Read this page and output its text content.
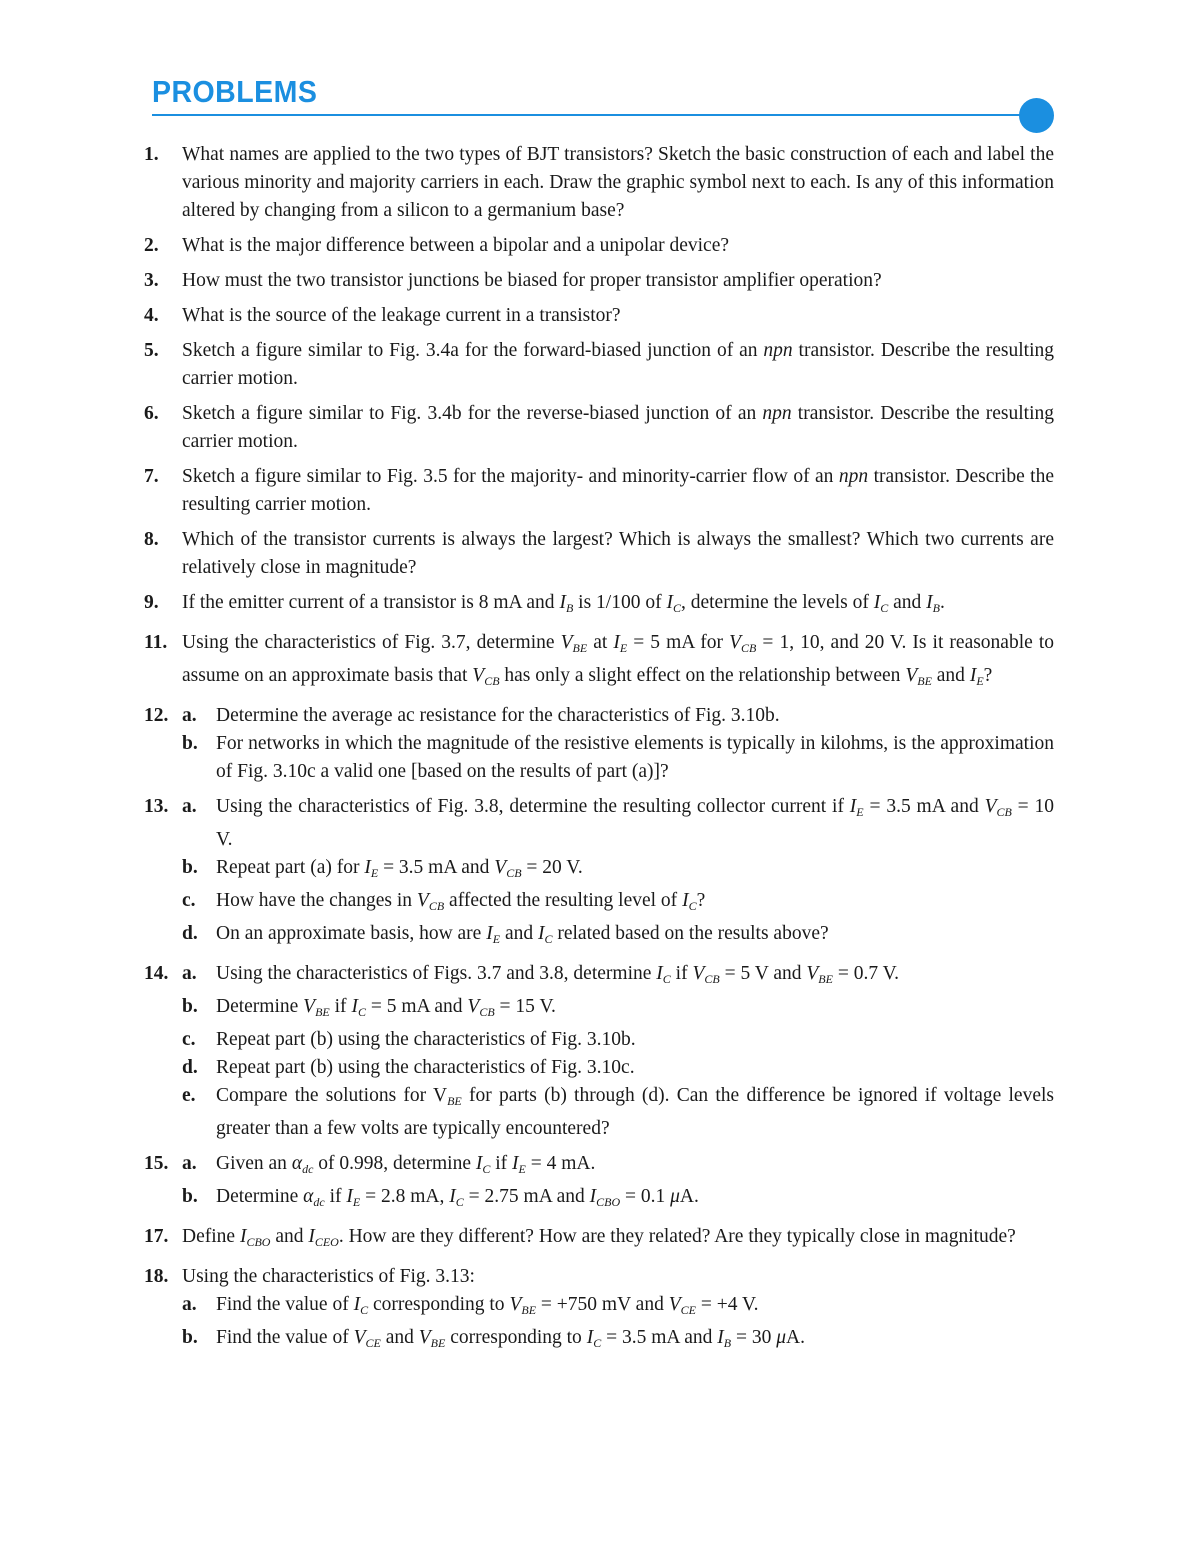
PROBLEMS
1. What names are applied to the two types of BJT transistors? Sketch the basic construction of each and label the various minority and majority carriers in each. Draw the graphic symbol next to each. Is any of this information altered by changing from a silicon to a germanium base?
2. What is the major difference between a bipolar and a unipolar device?
3. How must the two transistor junctions be biased for proper transistor amplifier operation?
4. What is the source of the leakage current in a transistor?
5. Sketch a figure similar to Fig. 3.4a for the forward-biased junction of an npn transistor. Describe the resulting carrier motion.
6. Sketch a figure similar to Fig. 3.4b for the reverse-biased junction of an npn transistor. Describe the resulting carrier motion.
7. Sketch a figure similar to Fig. 3.5 for the majority- and minority-carrier flow of an npn transistor. Describe the resulting carrier motion.
8. Which of the transistor currents is always the largest? Which is always the smallest? Which two currents are relatively close in magnitude?
9. If the emitter current of a transistor is 8 mA and $I_B$ is 1/100 of $I_C$, determine the levels of $I_C$ and $I_B$.
11. Using the characteristics of Fig. 3.7, determine $V_{BE}$ at $I_E = 5$ mA for $V_{CB} = 1$, 10, and 20 V. Is it reasonable to assume on an approximate basis that $V_{CB}$ has only a slight effect on the relationship between $V_{BE}$ and $I_E$?
12. a. Determine the average ac resistance for the characteristics of Fig. 3.10b.
b. For networks in which the magnitude of the resistive elements is typically in kilohms, is the approximation of Fig. 3.10c a valid one [based on the results of part (a)]?
13. a. Using the characteristics of Fig. 3.8, determine the resulting collector current if $I_E = 3.5$ mA and $V_{CB} = 10$ V.
b. Repeat part (a) for $I_E = 3.5$ mA and $V_{CB} = 20$ V.
c. How have the changes in $V_{CB}$ affected the resulting level of $I_C$?
d. On an approximate basis, how are $I_E$ and $I_C$ related based on the results above?
14. a. Using the characteristics of Figs. 3.7 and 3.8, determine $I_C$ if $V_{CB} = 5$ V and $V_{BE} = 0.7$ V.
b. Determine $V_{BE}$ if $I_C = 5$ mA and $V_{CB} = 15$ V.
c. Repeat part (b) using the characteristics of Fig. 3.10b.
d. Repeat part (b) using the characteristics of Fig. 3.10c.
e. Compare the solutions for $V_{BE}$ for parts (b) through (d). Can the difference be ignored if voltage levels greater than a few volts are typically encountered?
15. a. Given an $\alpha_{dc}$ of 0.998, determine $I_C$ if $I_E = 4$ mA.
b. Determine $\alpha_{dc}$ if $I_E = 2.8$ mA, $I_C = 2.75$ mA and $I_{CBO} = 0.1$ μA.
17. Define $I_{CBO}$ and $I_{CEO}$. How are they different? How are they related? Are they typically close in magnitude?
18. Using the characteristics of Fig. 3.13:
a. Find the value of $I_C$ corresponding to $V_{BE} = +750$ mV and $V_{CE} = +4$ V.
b. Find the value of $V_{CE}$ and $V_{BE}$ corresponding to $I_C = 3.5$ mA and $I_B = 30$ μA.
